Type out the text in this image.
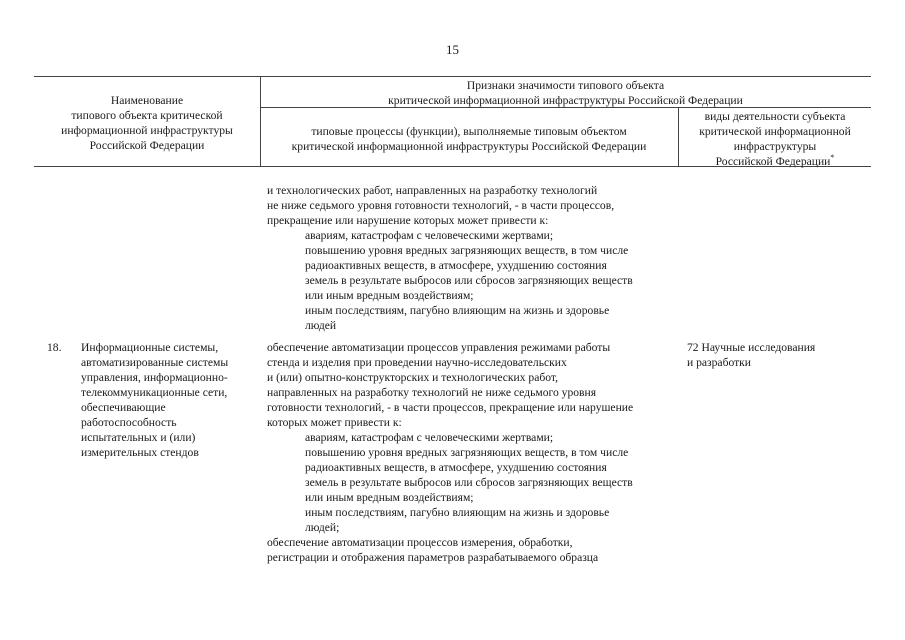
15
Наименование
типового объекта критической
информационной инфраструктуры
Российской Федерации
Признаки значимости типового объекта
критической информационной инфраструктуры Российской Федерации
типовые процессы (функции), выполняемые типовым объектом
критической информационной инфраструктуры Российской Федерации
виды деятельности субъекта
критической информационной
инфраструктуры
Российской Федерации*
и технологических работ, направленных на разработку технологий
не ниже седьмого уровня готовности технологий, - в части процессов,
прекращение или нарушение которых может привести к:
авариям, катастрофам с человеческими жертвами;
повышению уровня вредных загрязняющих веществ, в том числе
радиоактивных веществ, в атмосфере, ухудшению состояния
земель в результате выбросов или сбросов загрязняющих веществ
или иным вредным воздействиям;
иным последствиям, пагубно влияющим на жизнь и здоровье
людей
18. Информационные системы,
автоматизированные системы
управления, информационно-
телекоммуникационные сети,
обеспечивающие
работоспособность
испытательных и (или)
измерительных стендов
обеспечение автоматизации процессов управления режимами работы
стенда и изделия при проведении научно-исследовательских
и (или) опытно-конструкторских и технологических работ,
направленных на разработку технологий не ниже седьмого уровня
готовности технологий, - в части процессов, прекращение или нарушение
которых может привести к:
авариям, катастрофам с человеческими жертвами;
повышению уровня вредных загрязняющих веществ, в том числе
радиоактивных веществ, в атмосфере, ухудшению состояния
земель в результате выбросов или сбросов загрязняющих веществ
или иным вредным воздействиям;
иным последствиям, пагубно влияющим на жизнь и здоровье
людей;
обеспечение автоматизации процессов измерения, обработки,
регистрации и отображения параметров разрабатываемого образца
72 Научные исследования
и разработки
